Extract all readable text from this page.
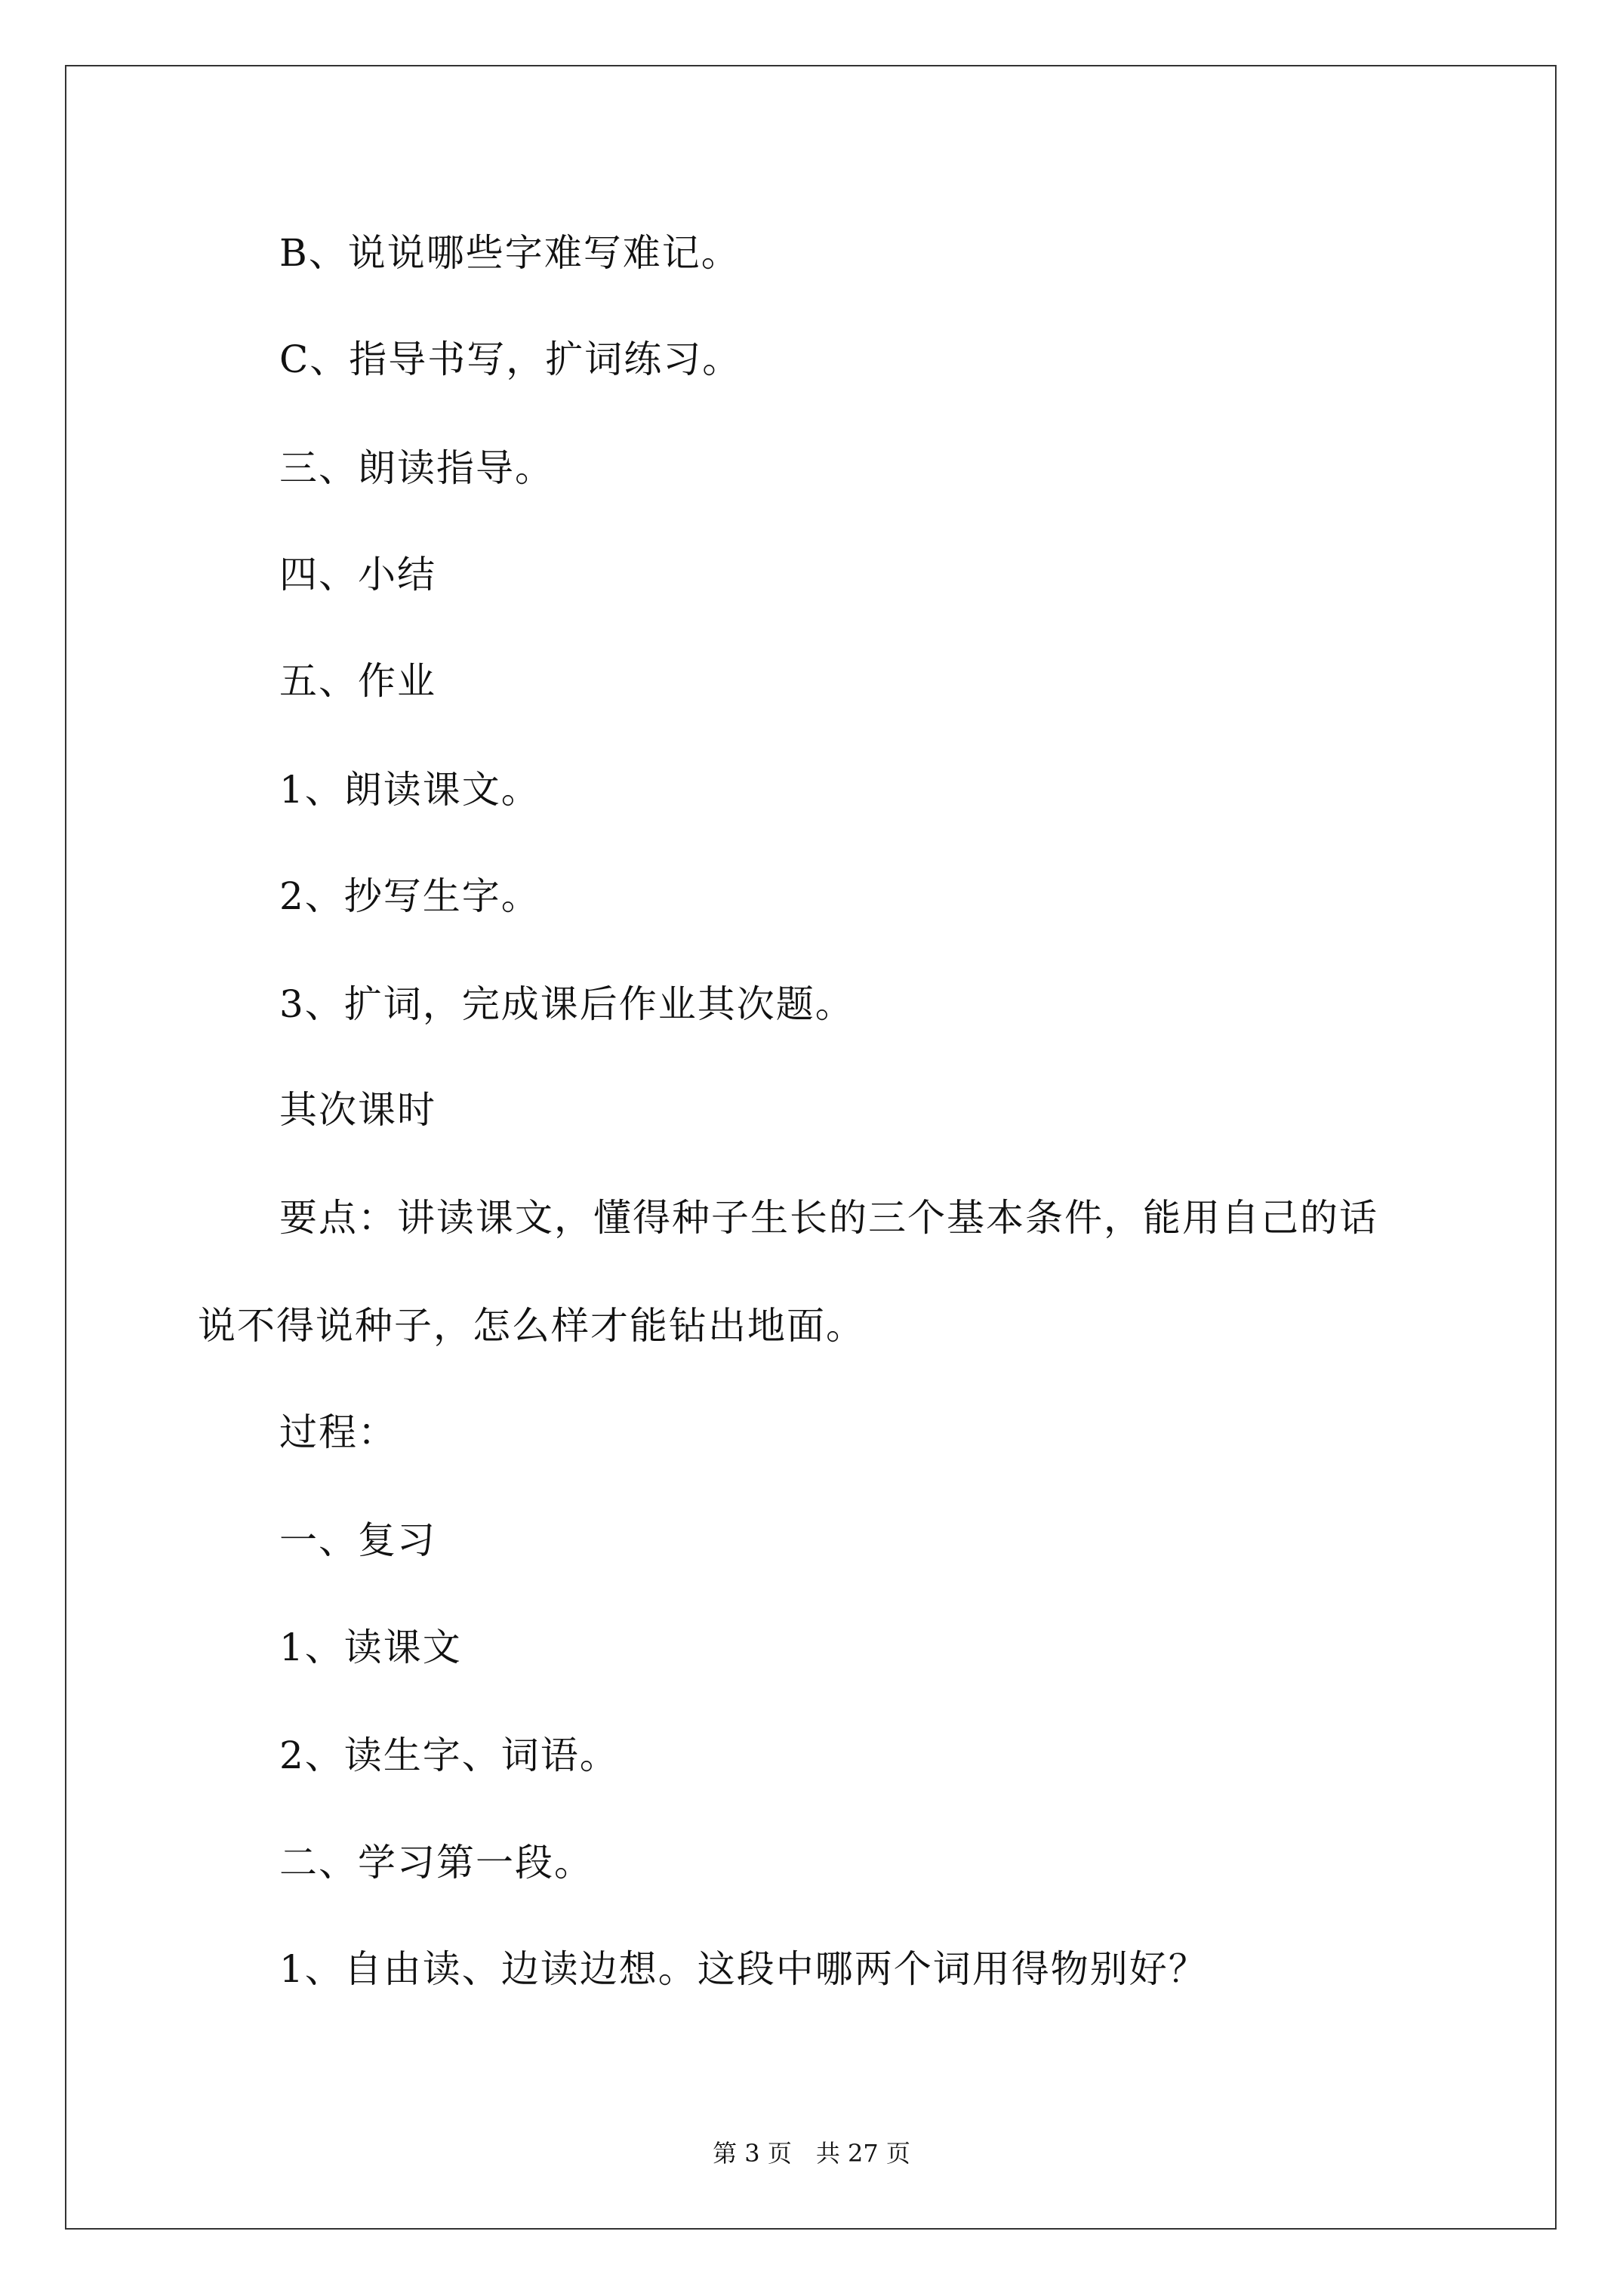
B、说说哪些字难写难记。
C、指导书写，扩词练习。
三、朗读指导。
四、小结
五、作业
1、朗读课文。
2、抄写生字。
3、扩词，完成课后作业其次题。
其次课时
要点：讲读课文，懂得种子生长的三个基本条件，能用自己的话
说不得说种子，怎么样才能钻出地面。
过程：
一、复习
1、读课文
2、读生字、词语。
二、学习第一段。
1、自由读、边读边想。这段中哪两个词用得物别好？
第 3 页　共 27 页
